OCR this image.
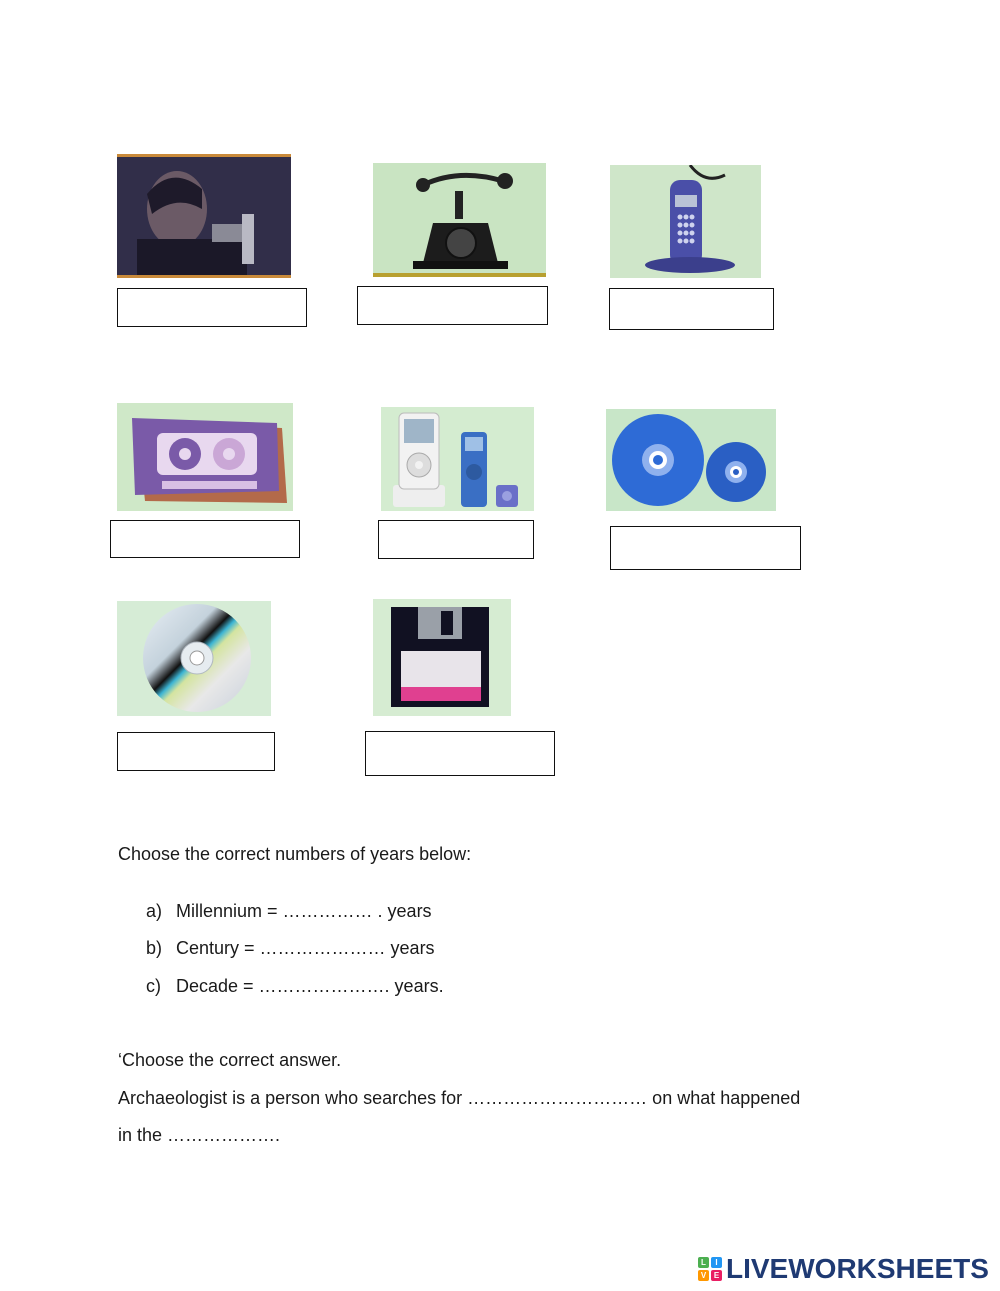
Choose the correct numbers of years below:
a) Millennium = …………… . years
b) Century = ………………… years
c) Decade = …………………. years.
‘Choose the correct answer.
Archaeologist is a person who searches for ………………………… on what happened
in the ……………….
L	I
V E LIVEWORKSHEETS
